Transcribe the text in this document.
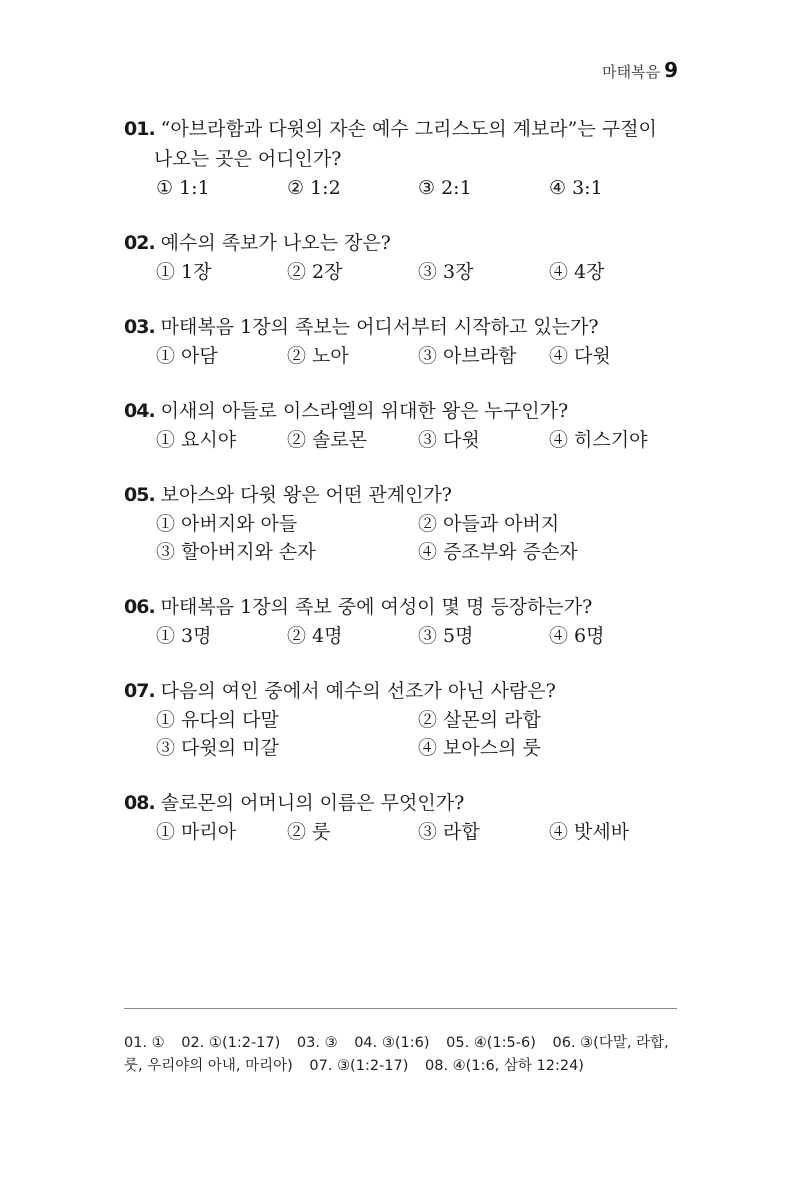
마태복음 9

01. “아브라함과 다윗의 자손 예수 그리스도의 계보라”는 구절이 나오는 곳은 어디인가?

① 1:1	② 1:2	③ 2:1	④ 3:1

02. 예수의 족보가 나오는 장은?

① 1장	② 2장	③ 3장	④ 4장

03. 마태복음 1장의 족보는 어디서부터 시작하고 있는가?

① 아담	② 노아	③ 아브라함	④ 다윗

04. 이새의 아들로 이스라엘의 위대한 왕은 누구인가?

① 요시야	② 솔로몬	③ 다윗	④ 히스기야

05. 보아스와 다윗 왕은 어떤 관계인가?

① 아버지와 아들	② 아들과 아버지
③ 할아버지와 손자	④ 증조부와 증손자

06. 마태복음 1장의 족보 중에 여성이 몇 명 등장하는가?

① 3명	② 4명	③ 5명	④ 6명

07. 다음의 여인 중에서 예수의 선조가 아닌 사람은?

① 유다의 다말	② 살몬의 라합
③ 다윗의 미갈	④ 보아스의 룻

08. 솔로몬의 어머니의 이름은 무엇인가?

① 마리아	② 룻	③ 라합	④ 밧세바
01. ① 02. ①(1:2-17) 03. ③ 04. ③(1:6) 05. ④(1:5-6) 06. ③(다말, 라합, 룻, 우리야의 아내, 마리아) 07. ③(1:2-17) 08. ④(1:6, 삼하 12:24)
